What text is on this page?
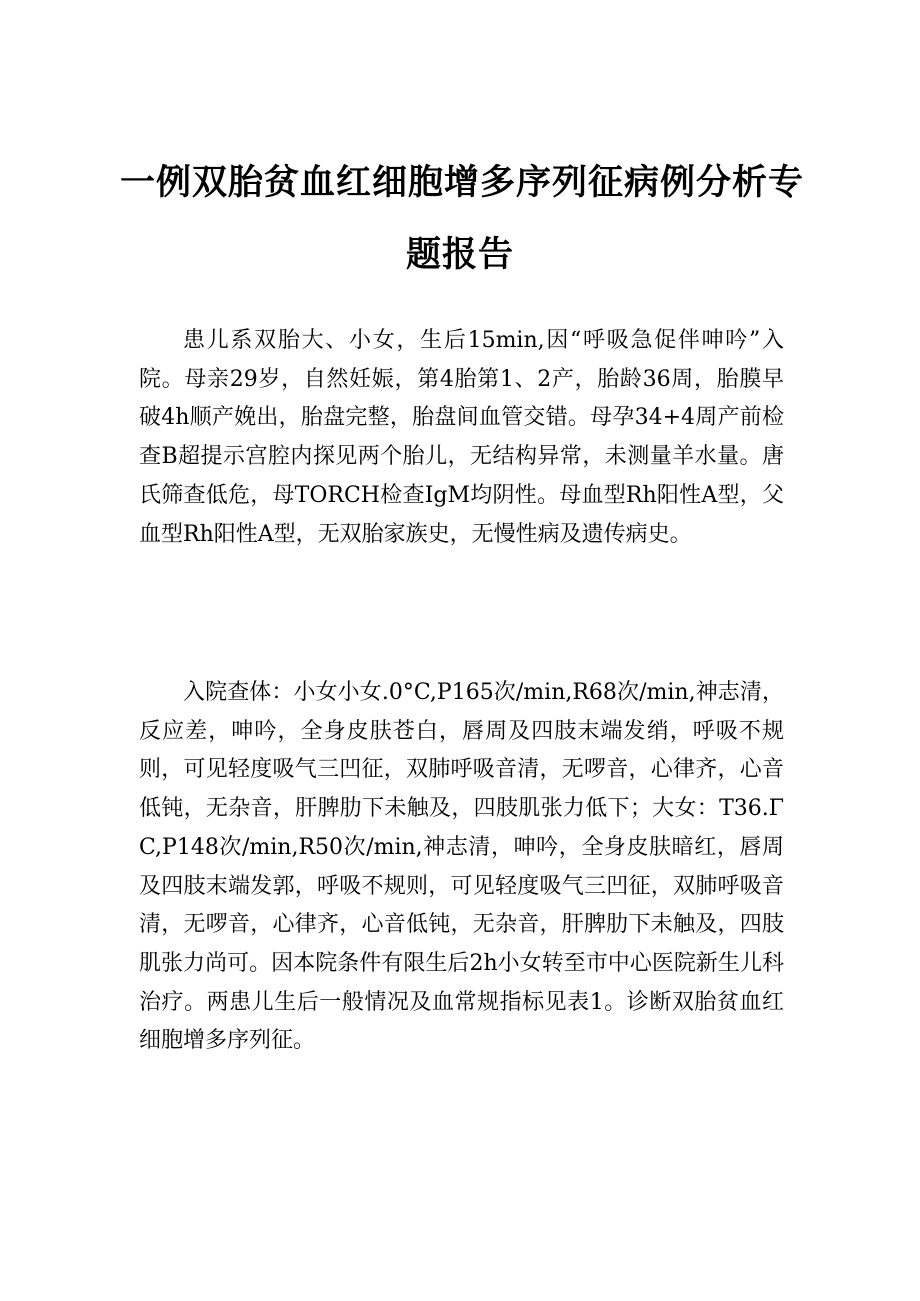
一例双胎贫血红细胞增多序列征病例分析专
题报告

患儿系双胎大、小女，生后15min,因“呼吸急促伴呻吟”入院。母亲29岁，自然妊娠，第4胎第1、2产，胎龄36周，胎膜早破4h顺产娩出，胎盘完整，胎盘间血管交错。母孕34+4周产前检查B超提示宫腔内探见两个胎儿，无结构异常，未测量羊水量。唐氏筛查低危，母TORCH检查IgM均阴性。母血型Rh阳性A型，父血型Rh阳性A型，无双胎家族史，无慢性病及遗传病史。

入院查体：小女小女.0°C,P165次/min,R68次/min,神志清，反应差，呻吟，全身皮肤苍白，唇周及四肢末端发绡，呼吸不规则，可见轻度吸气三凹征，双肺呼吸音清，无啰音，心律齐，心音低钝，无杂音，肝脾肋下未触及，四肢肌张力低下；大女：T36.ΓC,P148次/min,R50次/min,神志清，呻吟，全身皮肤暗红，唇周及四肢末端发郭，呼吸不规则，可见轻度吸气三凹征，双肺呼吸音清，无啰音，心律齐，心音低钝，无杂音，肝脾肋下未触及，四肢肌张力尚可。因本院条件有限生后2h小女转至市中心医院新生儿科治疗。两患儿生后一般情况及血常规指标见表1。诊断双胎贫血红细胞增多序列征。
